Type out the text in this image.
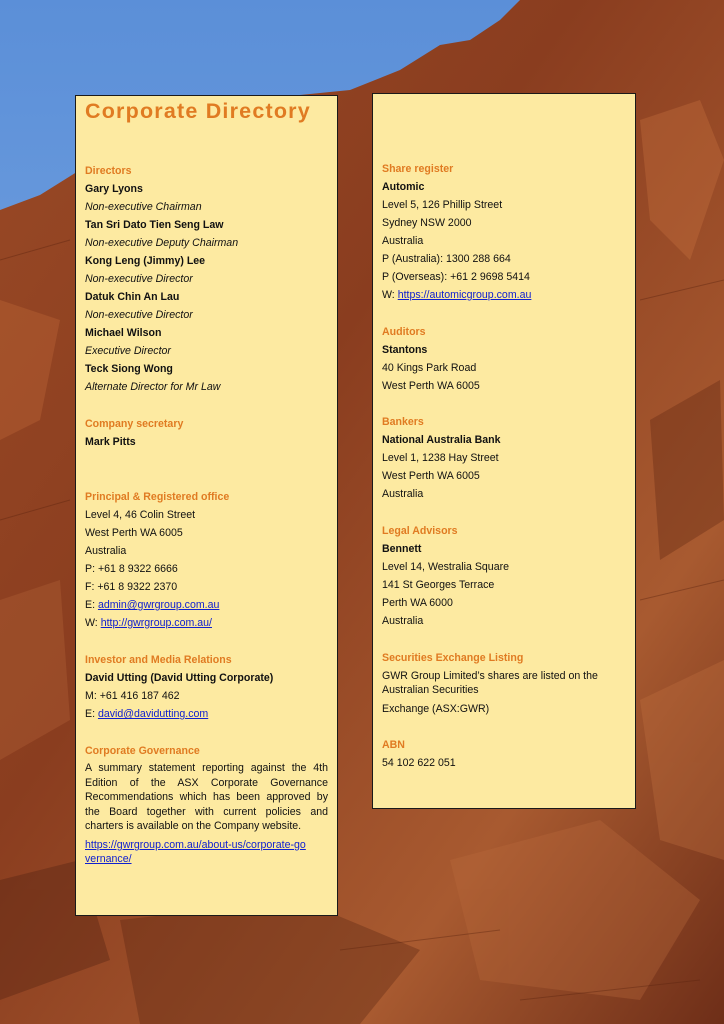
Corporate Directory
Directors
Gary Lyons
Non-executive Chairman
Tan Sri Dato Tien Seng Law
Non-executive Deputy Chairman
Kong Leng (Jimmy) Lee
Non-executive Director
Datuk Chin An Lau
Non-executive Director
Michael Wilson
Executive Director
Teck Siong Wong
Alternate Director for Mr Law
Company secretary
Mark Pitts
Principal & Registered office
Level 4, 46 Colin Street
West Perth WA 6005
Australia
P: +61 8 9322 6666
F: +61 8 9322 2370
E: admin@gwrgroup.com.au
W: http://gwrgroup.com.au/
Investor and Media Relations
David Utting (David Utting Corporate)
M: +61 416 187 462
E: david@davidutting.com
Corporate Governance

A summary statement reporting against the 4th Edition of the ASX Corporate Governance Recommendations which has been approved by the Board together with current policies and charters is available on the Company website.

https://gwrgroup.com.au/about-us/corporate-governance/

Share register
Automic
Level 5, 126 Phillip Street
Sydney NSW 2000
Australia
P (Australia): 1300 288 664
P (Overseas): +61 2 9698 5414
W: https://automicgroup.com.au
Auditors
Stantons
40 Kings Park Road
West Perth WA 6005
Bankers
National Australia Bank
Level 1, 1238 Hay Street
West Perth WA 6005
Australia
Legal Advisors
Bennett
Level 14, Westralia Square
141 St Georges Terrace
Perth WA 6000
Australia
Securities Exchange Listing

GWR Group Limited’s shares are listed on the Australian Securities

Exchange (ASX:GWR)
ABN
54 102 622 051
